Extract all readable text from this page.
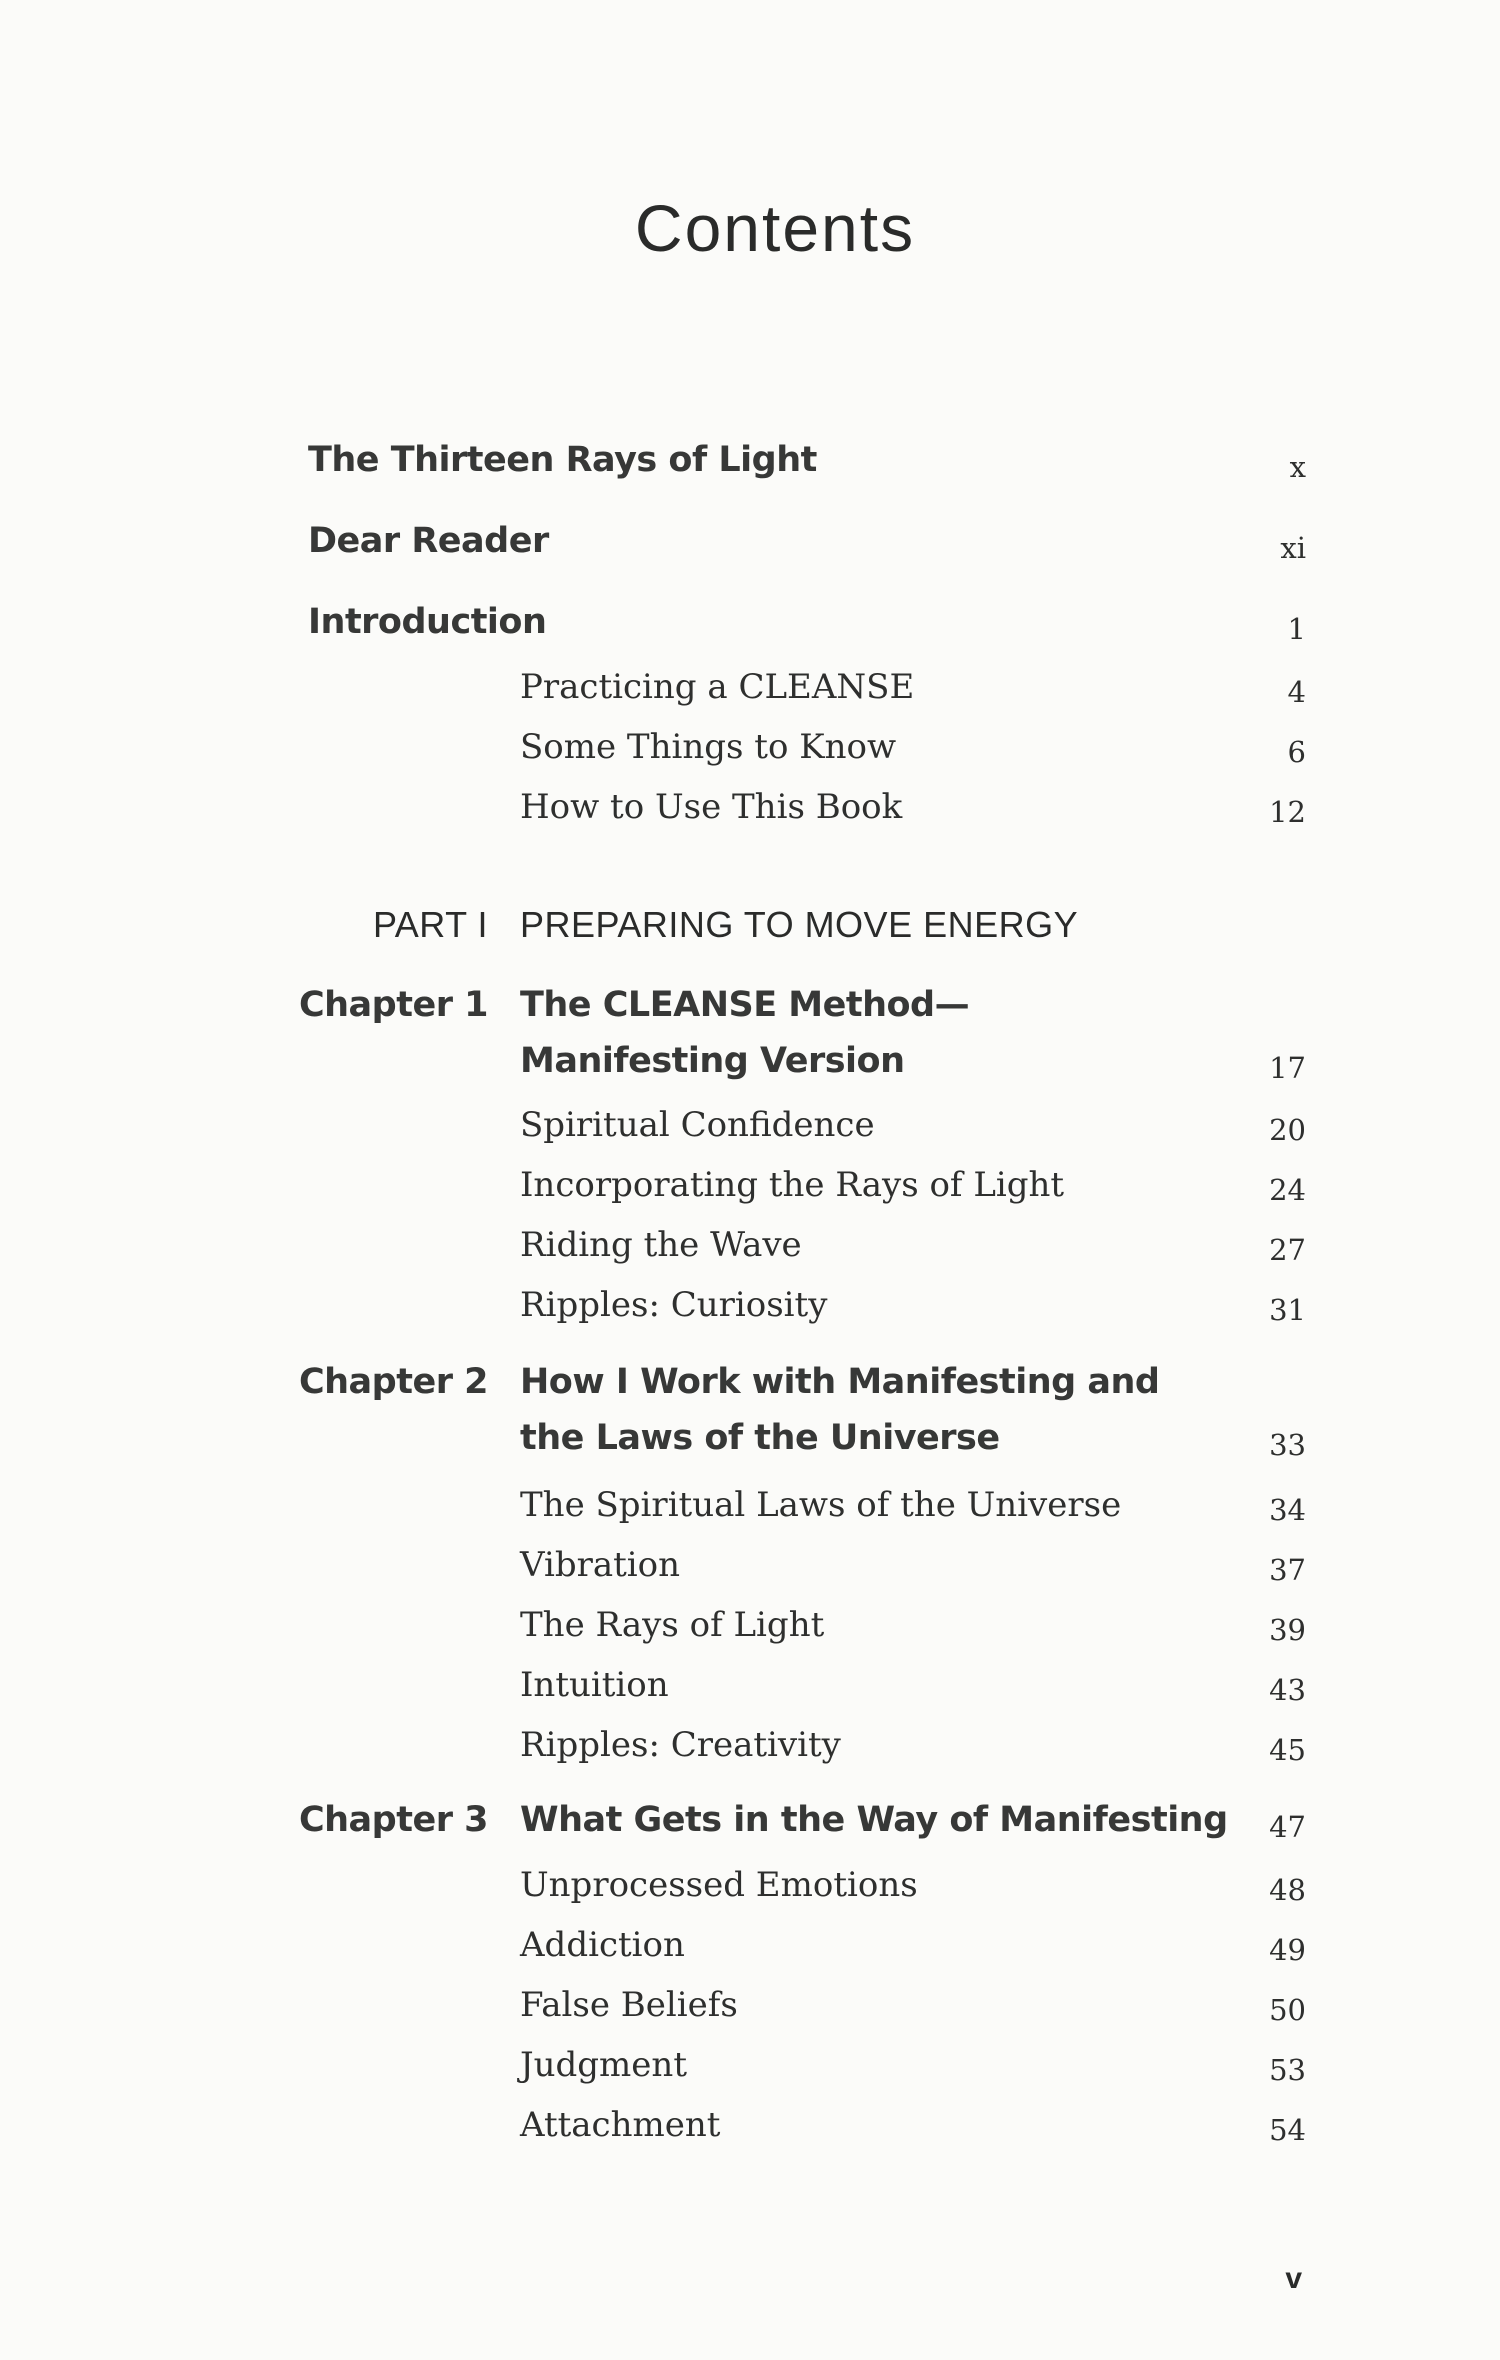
Contents
The Thirteen Rays of Light	x
Dear Reader	xi
Introduction	1
Practicing a CLEANSE	4
Some Things to Know	6
How to Use This Book	12
PART I PREPARING TO MOVE ENERGY
Chapter 1 The CLEANSE Method—
Manifesting Version	17
Spiritual Confidence	20
Incorporating the Rays of Light	24
Riding the Wave	27
Ripples: Curiosity	31
Chapter 2 How I Work with Manifesting and
the Laws of the Universe	33
The Spiritual Laws of the Universe	34
Vibration	37
The Rays of Light	39
Intuition	43
Ripples: Creativity	45
Chapter 3 What Gets in the Way of Manifesting 47
Unprocessed Emotions	48
Addiction	49
False Beliefs	50
Judgment	53
Attachment	54
v
